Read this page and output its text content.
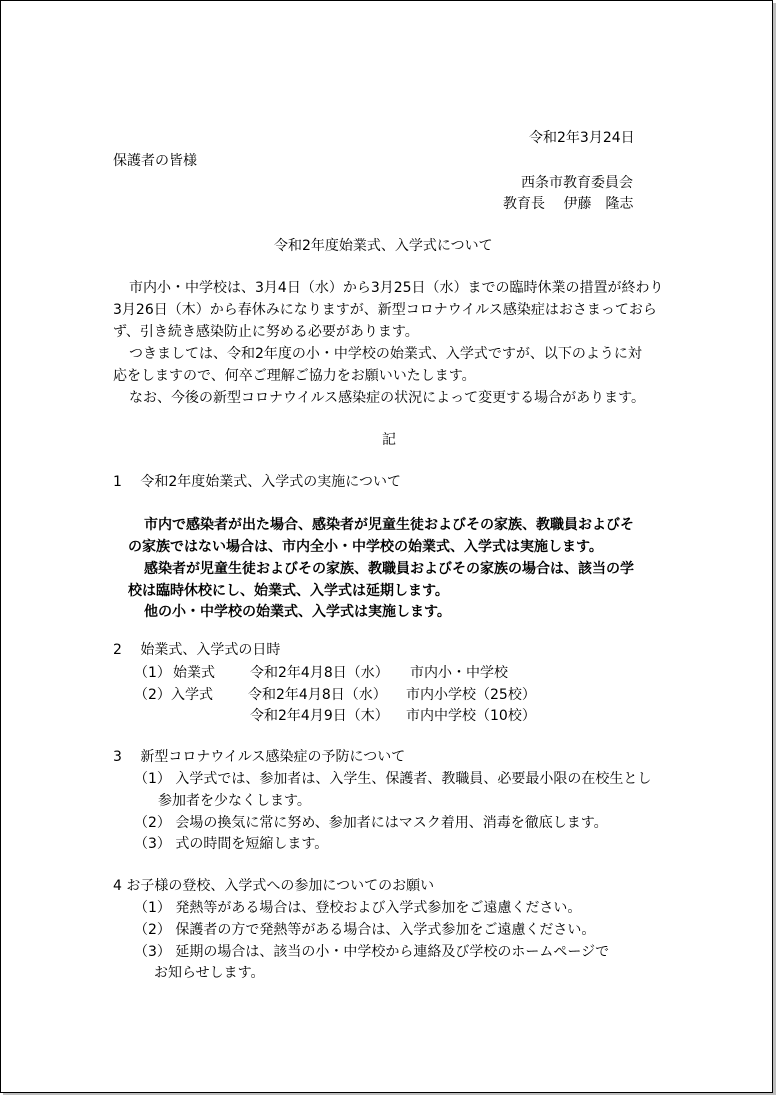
令和2年3月24日
保護者の皆様
西条市教育委員会
教育長　 伊藤　隆志
令和2年度始業式、入学式について
市内小・中学校は、3月4日（水）から3月25日（水）までの臨時休業の措置が終わり
3月26日（木）から春休みになりますが、新型コロナウイルス感染症はおさまっておら
ず、引き続き感染防止に努める必要があります。
つきましては、令和2年度の小・中学校の始業式、入学式ですが、以下のように対
応をしますので、何卒ご理解ご協力をお願いいたします。
なお、今後の新型コロナウイルス感染症の状況によって変更する場合があります。
記
1　 令和2年度始業式、入学式の実施について
市内で感染者が出た場合、感染者が児童生徒およびその家族、教職員およびそ
の家族ではない場合は、市内全小・中学校の始業式、入学式は実施します。
感染者が児童生徒およびその家族、教職員およびその家族の場合は、該当の学
校は臨時休校にし、始業式、入学式は延期します。
他の小・中学校の始業式、入学式は実施します。
2　 始業式、入学式の日時
（1） 始業式	令和2年4月8日（水） 市内小・中学校
（2） 入学式	令和2年4月8日（水） 市内小学校（25校）
令和2年4月9日（木） 市内中学校（10校）
3　 新型コロナウイルス感染症の予防について
（1） 入学式では、参加者は、入学生、保護者、教職員、必要最小限の在校生とし
参加者を少なくします。
（2） 会場の換気に常に努め、参加者にはマスク着用、消毒を徹底します。
（3） 式の時間を短縮します。
4 お子様の登校、入学式への参加についてのお願い
（1） 発熱等がある場合は、登校および入学式参加をご遠慮ください。
（2） 保護者の方で発熱等がある場合は、入学式参加をご遠慮ください。
（3） 延期の場合は、該当の小・中学校から連絡及び学校のホームページで
お知らせします。
